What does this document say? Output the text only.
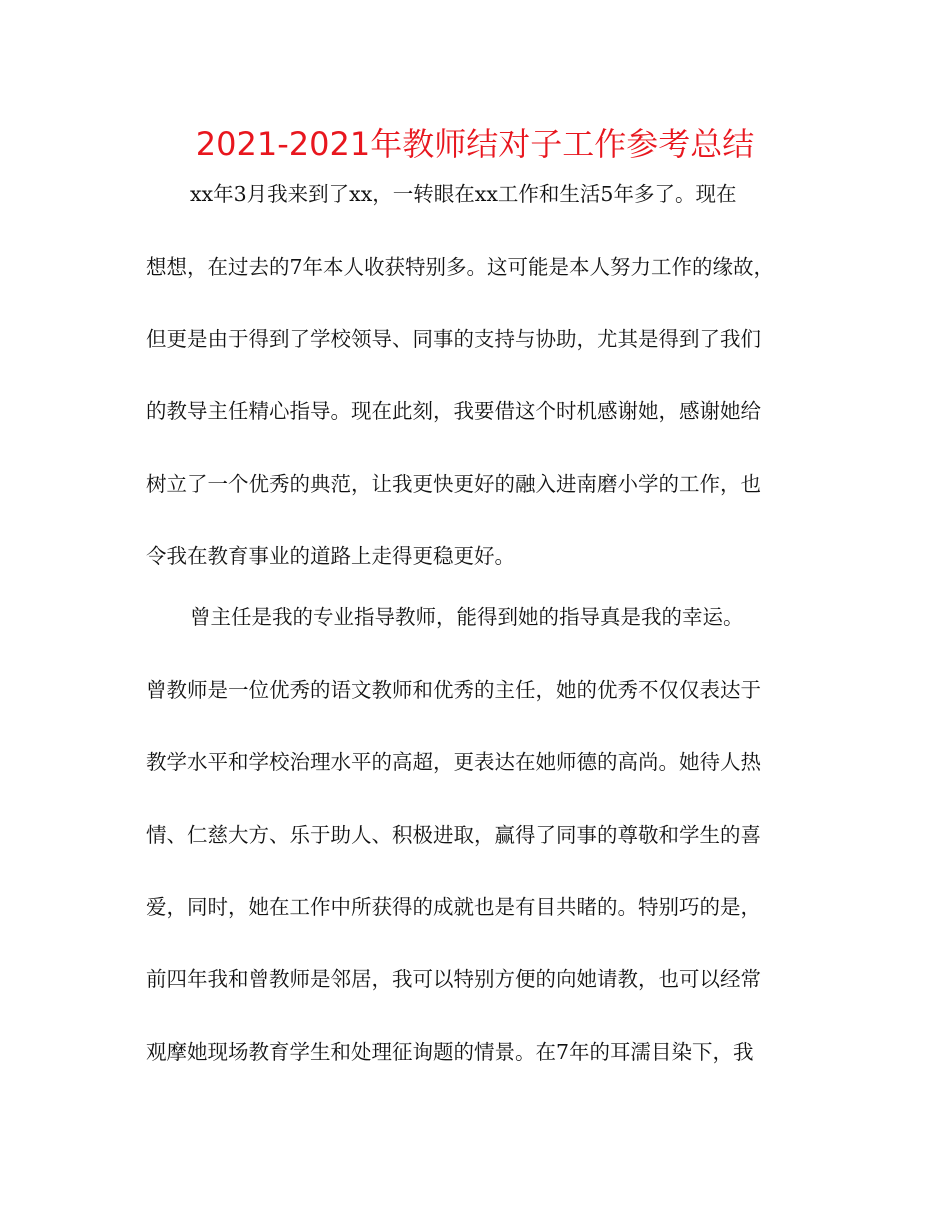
2021-2021年教师结对子工作参考总结

xx年3月我来到了xx，一转眼在xx工作和生活5年多了。现在

想想，在过去的7年本人收获特别多。这可能是本人努力工作的缘故，

但更是由于得到了学校领导、同事的支持与协助，尤其是得到了我们

的教导主任精心指导。现在此刻，我要借这个时机感谢她，感谢她给

树立了一个优秀的典范，让我更快更好的融入进南磨小学的工作，也

令我在教育事业的道路上走得更稳更好。

曾主任是我的专业指导教师，能得到她的指导真是我的幸运。

曾教师是一位优秀的语文教师和优秀的主任，她的优秀不仅仅表达于

教学水平和学校治理水平的高超，更表达在她师德的高尚。她待人热

情、仁慈大方、乐于助人、积极进取，赢得了同事的尊敬和学生的喜

爱，同时，她在工作中所获得的成就也是有目共睹的。特别巧的是，

前四年我和曾教师是邻居，我可以特别方便的向她请教，也可以经常

观摩她现场教育学生和处理征询题的情景。在7年的耳濡目染下，我
